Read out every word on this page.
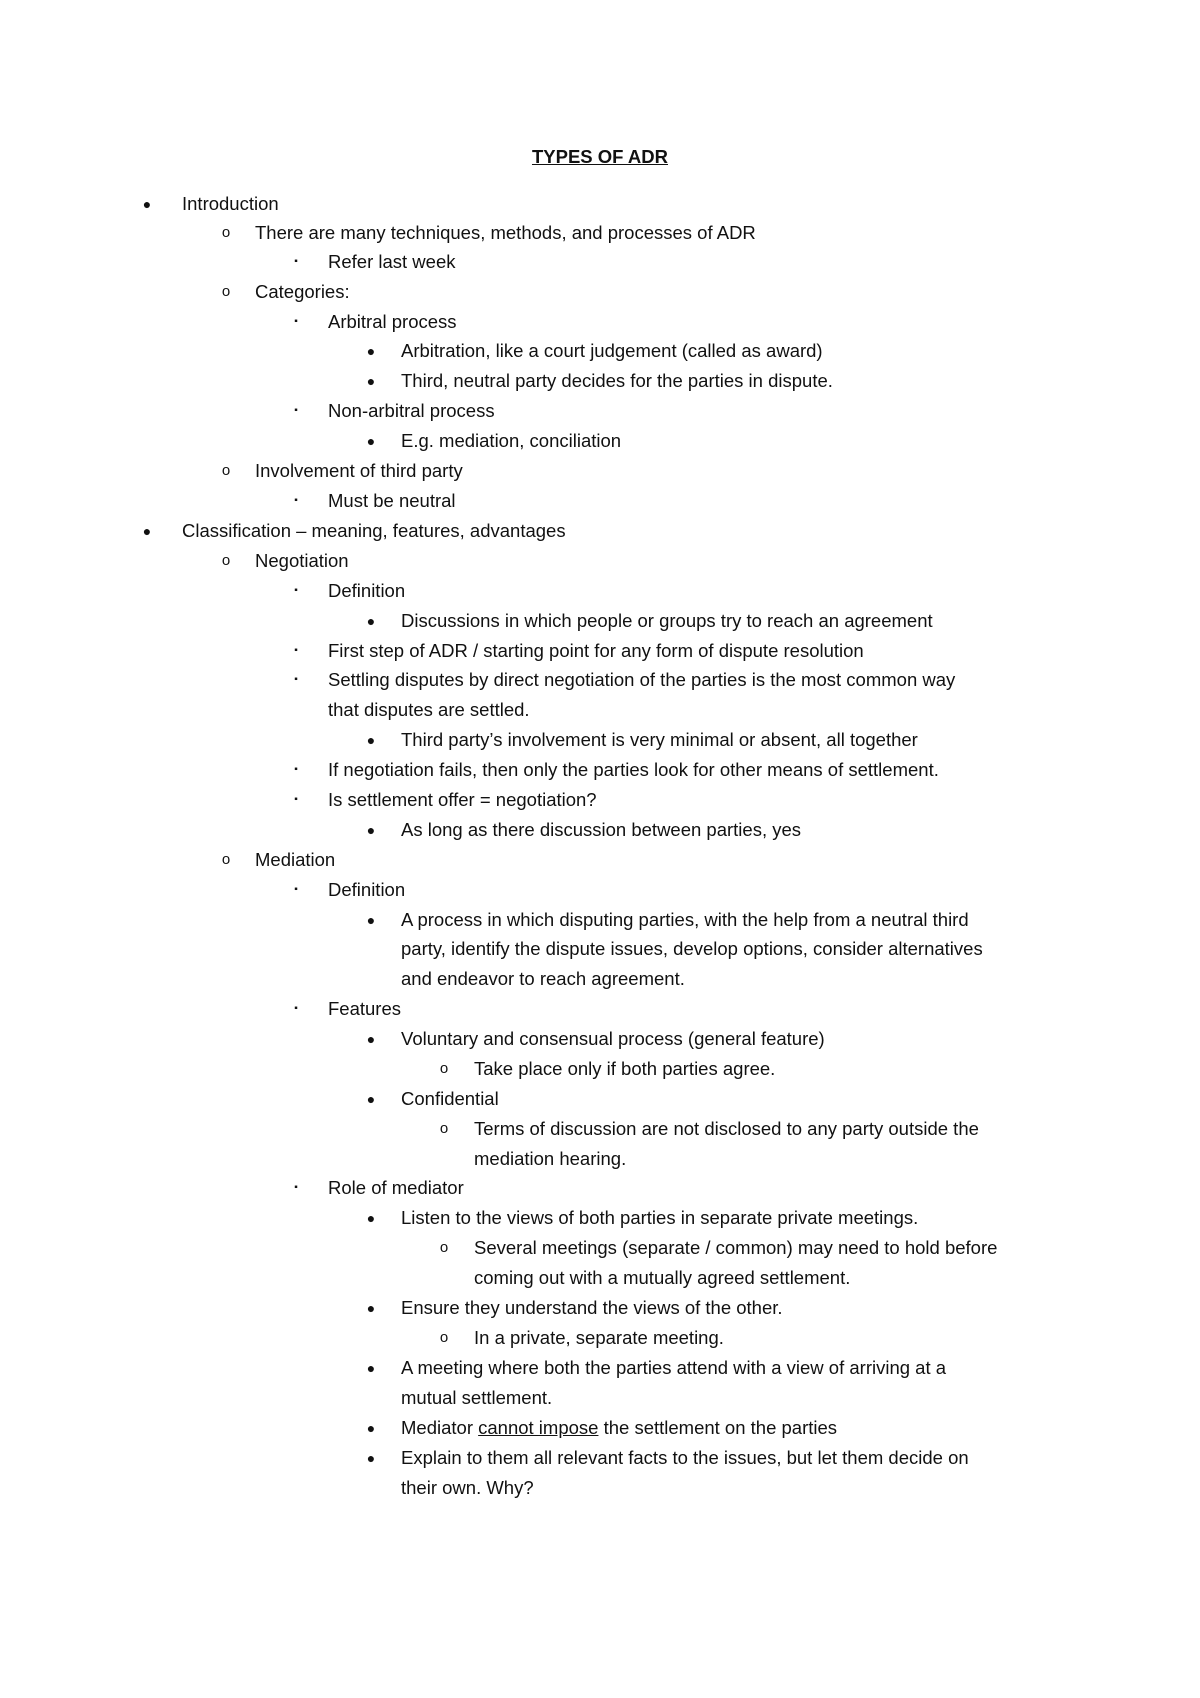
TYPES OF ADR
●	Introduction
o	There are many techniques, methods, and processes of ADR
▪	Refer last week
o	Categories:
▪	Arbitral process
●	Arbitration, like a court judgement (called as award)
●	Third, neutral party decides for the parties in dispute.
▪	Non-arbitral process
●	E.g. mediation, conciliation
o	Involvement of third party
▪	Must be neutral
●	Classification – meaning, features, advantages
o	Negotiation
▪	Definition
●	Discussions in which people or groups try to reach an agreement
▪	First step of ADR / starting point for any form of dispute resolution
▪	Settling disputes by direct negotiation of the parties is the most common way
that disputes are settled.
●	Third party’s involvement is very minimal or absent, all together
▪	If negotiation fails, then only the parties look for other means of settlement.
▪	Is settlement offer = negotiation?
●	As long as there discussion between parties, yes
o	Mediation
▪	Definition
●	A process in which disputing parties, with the help from a neutral third
party, identify the dispute issues, develop options, consider alternatives
and endeavor to reach agreement.
▪	Features
●	Voluntary and consensual process (general feature)
o	Take place only if both parties agree.
●	Confidential
o	Terms of discussion are not disclosed to any party outside the
mediation hearing.
▪	Role of mediator
●	Listen to the views of both parties in separate private meetings.
o	Several meetings (separate / common) may need to hold before
coming out with a mutually agreed settlement.
●	Ensure they understand the views of the other.
o	In a private, separate meeting.
●	A meeting where both the parties attend with a view of arriving at a
mutual settlement.
●	Mediator cannot impose the settlement on the parties
●	Explain to them all relevant facts to the issues, but let them decide on
their own. Why?
